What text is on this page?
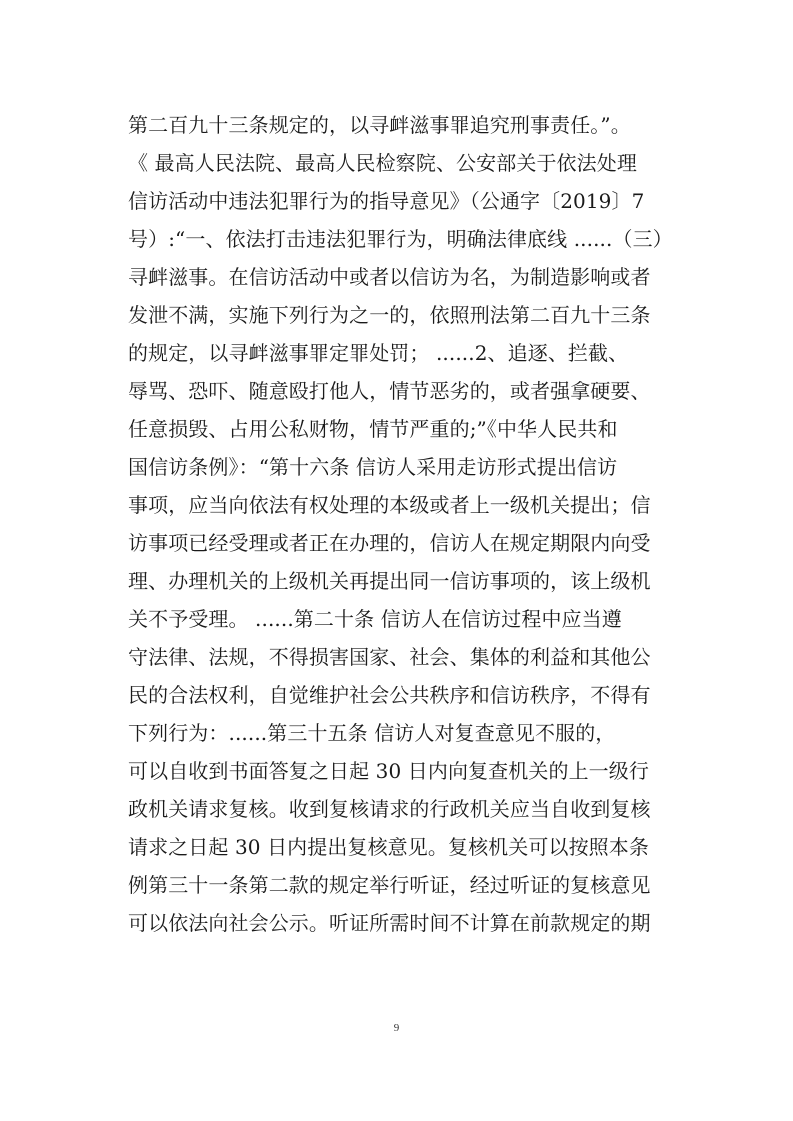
第二百九十三条规定的，以寻衅滋事罪追究刑事责任。”。
《 最高人民法院、最高人民检察院、公安部关于依法处理
信访活动中违法犯罪行为的指导意见》（公通字〔2019〕7
号）:“一、依法打击违法犯罪行为，明确法律底线 ......（三）
寻衅滋事。在信访活动中或者以信访为名，为制造影响或者
发泄不满，实施下列行为之一的，依照刑法第二百九十三条
的规定，以寻衅滋事罪定罪处罚； ......2、追逐、拦截、
辱骂、恐吓、随意殴打他人，情节恶劣的，或者强拿硬要、
任意损毁、占用公私财物，情节严重的;”《中华人民共和
国信访条例》：“第十六条 信访人采用走访形式提出信访
事项，应当向依法有权处理的本级或者上一级机关提出；信
访事项已经受理或者正在办理的，信访人在规定期限内向受
理、办理机关的上级机关再提出同一信访事项的，该上级机
关不予受理。 ......第二十条 信访人在信访过程中应当遵
守法律、法规，不得损害国家、社会、集体的利益和其他公
民的合法权利，自觉维护社会公共秩序和信访秩序，不得有
下列行为：......第三十五条 信访人对复查意见不服的，
可以自收到书面答复之日起 30 日内向复查机关的上一级行
政机关请求复核。收到复核请求的行政机关应当自收到复核
请求之日起 30 日内提出复核意见。复核机关可以按照本条
例第三十一条第二款的规定举行听证，经过听证的复核意见
可以依法向社会公示。听证所需时间不计算在前款规定的期
9
